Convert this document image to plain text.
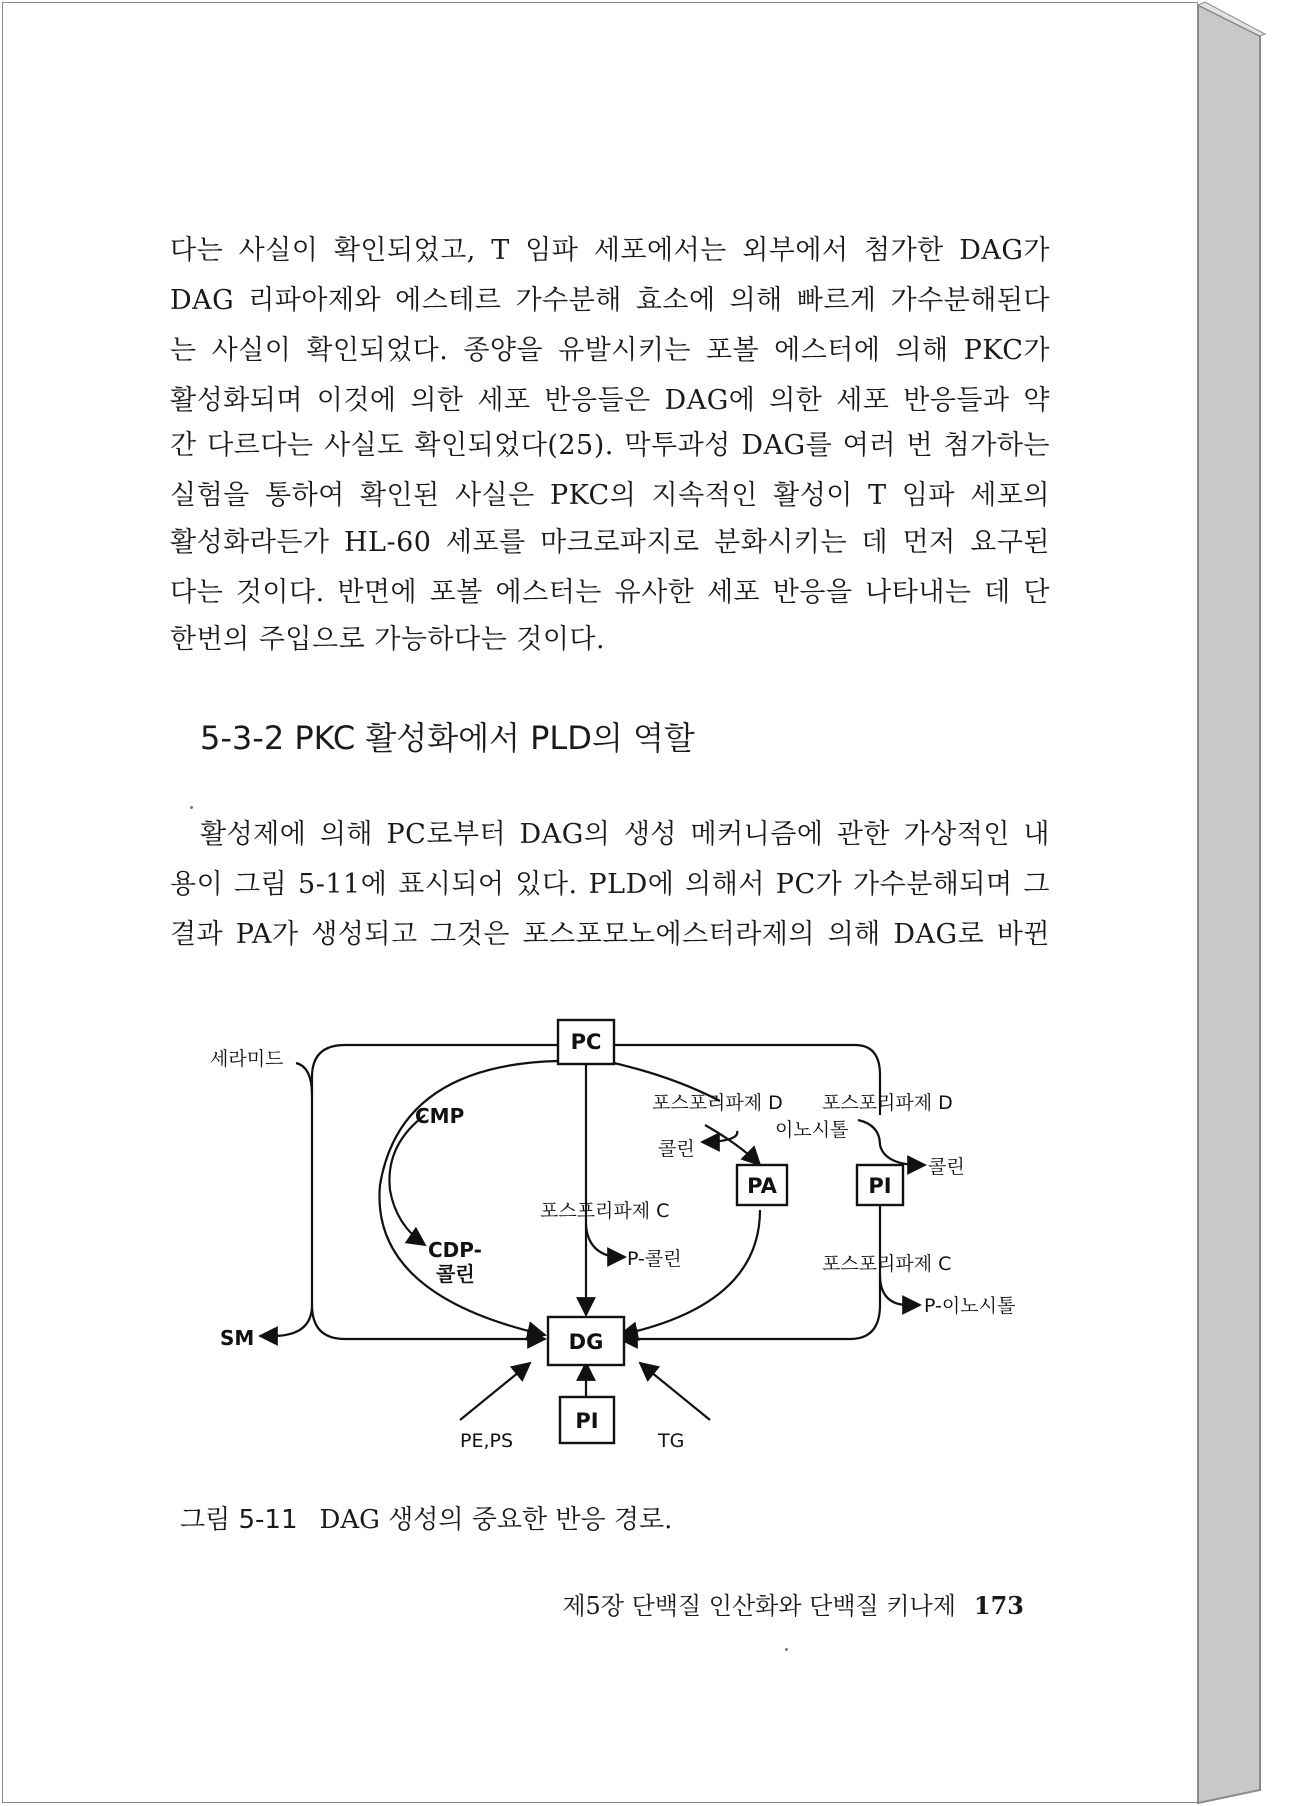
다는 사실이 확인되었고, T 임파 세포에서는 외부에서 첨가한 DAG가
DAG 리파아제와 에스테르 가수분해 효소에 의해 빠르게 가수분해된다
는 사실이 확인되었다. 종양을 유발시키는 포볼 에스터에 의해 PKC가
활성화되며 이것에 의한 세포 반응들은 DAG에 의한 세포 반응들과 약
간 다르다는 사실도 확인되었다(25). 막투과성 DAG를 여러 번 첨가하는
실험을 통하여 확인된 사실은 PKC의 지속적인 활성이 T 임파 세포의
활성화라든가 HL-60 세포를 마크로파지로 분화시키는 데 먼저 요구된
다는 것이다. 반면에 포볼 에스터는 유사한 세포 반응을 나타내는 데 단
한번의 주입으로 가능하다는 것이다.
5-3-2 PKC 활성화에서 PLD의 역할
활성제에 의해 PC로부터 DAG의 생성 메커니즘에 관한 가상적인 내
용이 그림 5-11에 표시되어 있다. PLD에 의해서 PC가 가수분해되며 그
결과 PA가 생성되고 그것은 포스포모노에스터라제의 의해 DAG로 바뀐
PC
DG
PA	PI
PI
세라미드
SM
CMP
CDP-
콜린
포스포리파제 D 포스포리파제 D
이노시톨
콜린
콜린
포스포리파제 C
P-콜린	포스포리파제 C
P-이노시톨
PE,PS	TG
그림 5-11 DAG 생성의 중요한 반응 경로.
제5장 단백질 인산화와 단백질 키나제 173
